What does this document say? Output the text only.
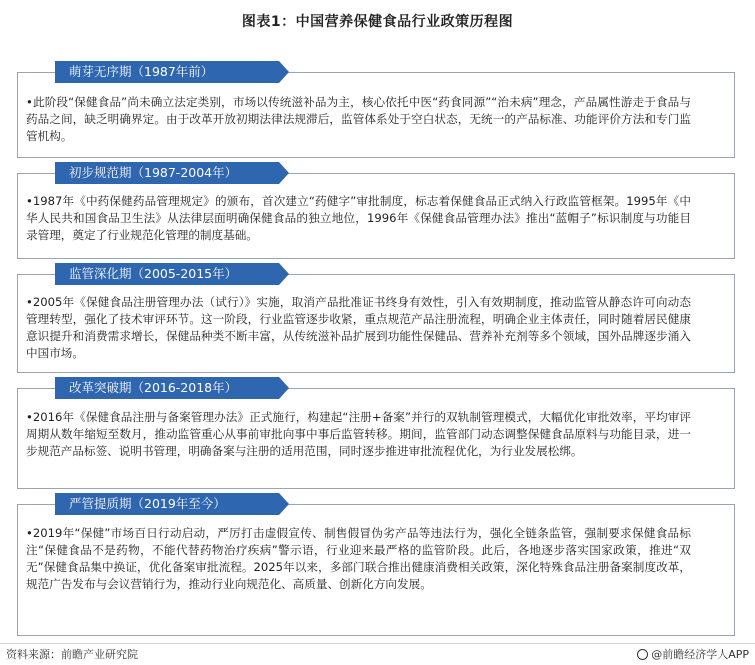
图表1：中国营养保健食品行业政策历程图
萌芽无序期（1987年前）
•此阶段“保健食品”尚未确立法定类别，市场以传统滋补品为主，核心依托中医“药食同源”“治未病”理念，产品属性游走于食品与药品之间，缺乏明确界定。由于改革开放初期法律法规滞后，监管体系处于空白状态，无统一的产品标准、功能评价方法和专门监管机构。
初步规范期（1987-2004年）
•1987年《中药保健药品管理规定》的颁布，首次建立“药健字”审批制度，标志着保健食品正式纳入行政监管框架。1995年《中华人民共和国食品卫生法》从法律层面明确保健食品的独立地位，1996年《保健食品管理办法》推出“蓝帽子”标识制度与功能目录管理，奠定了行业规范化管理的制度基础。
监管深化期（2005-2015年）
•2005年《保健食品注册管理办法（试行）》实施，取消产品批准证书终身有效性，引入有效期制度，推动监管从静态许可向动态管理转型，强化了技术审评环节。这一阶段，行业监管逐步收紧，重点规范产品注册流程，明确企业主体责任，同时随着居民健康意识提升和消费需求增长，保健品种类不断丰富，从传统滋补品扩展到功能性保健品、营养补充剂等多个领域，国外品牌逐步涌入中国市场。
改革突破期（2016-2018年）
•2016年《保健食品注册与备案管理办法》正式施行，构建起“注册+备案”并行的双轨制管理模式，大幅优化审批效率，平均审评周期从数年缩短至数月，推动监管重心从事前审批向事中事后监管转移。期间，监管部门动态调整保健食品原料与功能目录，进一步规范产品标签、说明书管理，明确备案与注册的适用范围，同时逐步推进审批流程优化，为行业发展松绑。
严管提质期（2019年至今）
•2019年“保健”市场百日行动启动，严厉打击虚假宣传、制售假冒伪劣产品等违法行为，强化全链条监管，强制要求保健食品标注“保健食品不是药物，不能代替药物治疗疾病”警示语，行业迎来最严格的监管阶段。此后，各地逐步落实国家政策，推进“双无”保健食品集中换证，优化备案审批流程。2025年以来，多部门联合推出健康消费相关政策，深化特殊食品注册备案制度改革，规范广告发布与会议营销行为，推动行业向规范化、高质量、创新化方向发展。
资料来源：前瞻产业研究院	@前瞻经济学人APP
